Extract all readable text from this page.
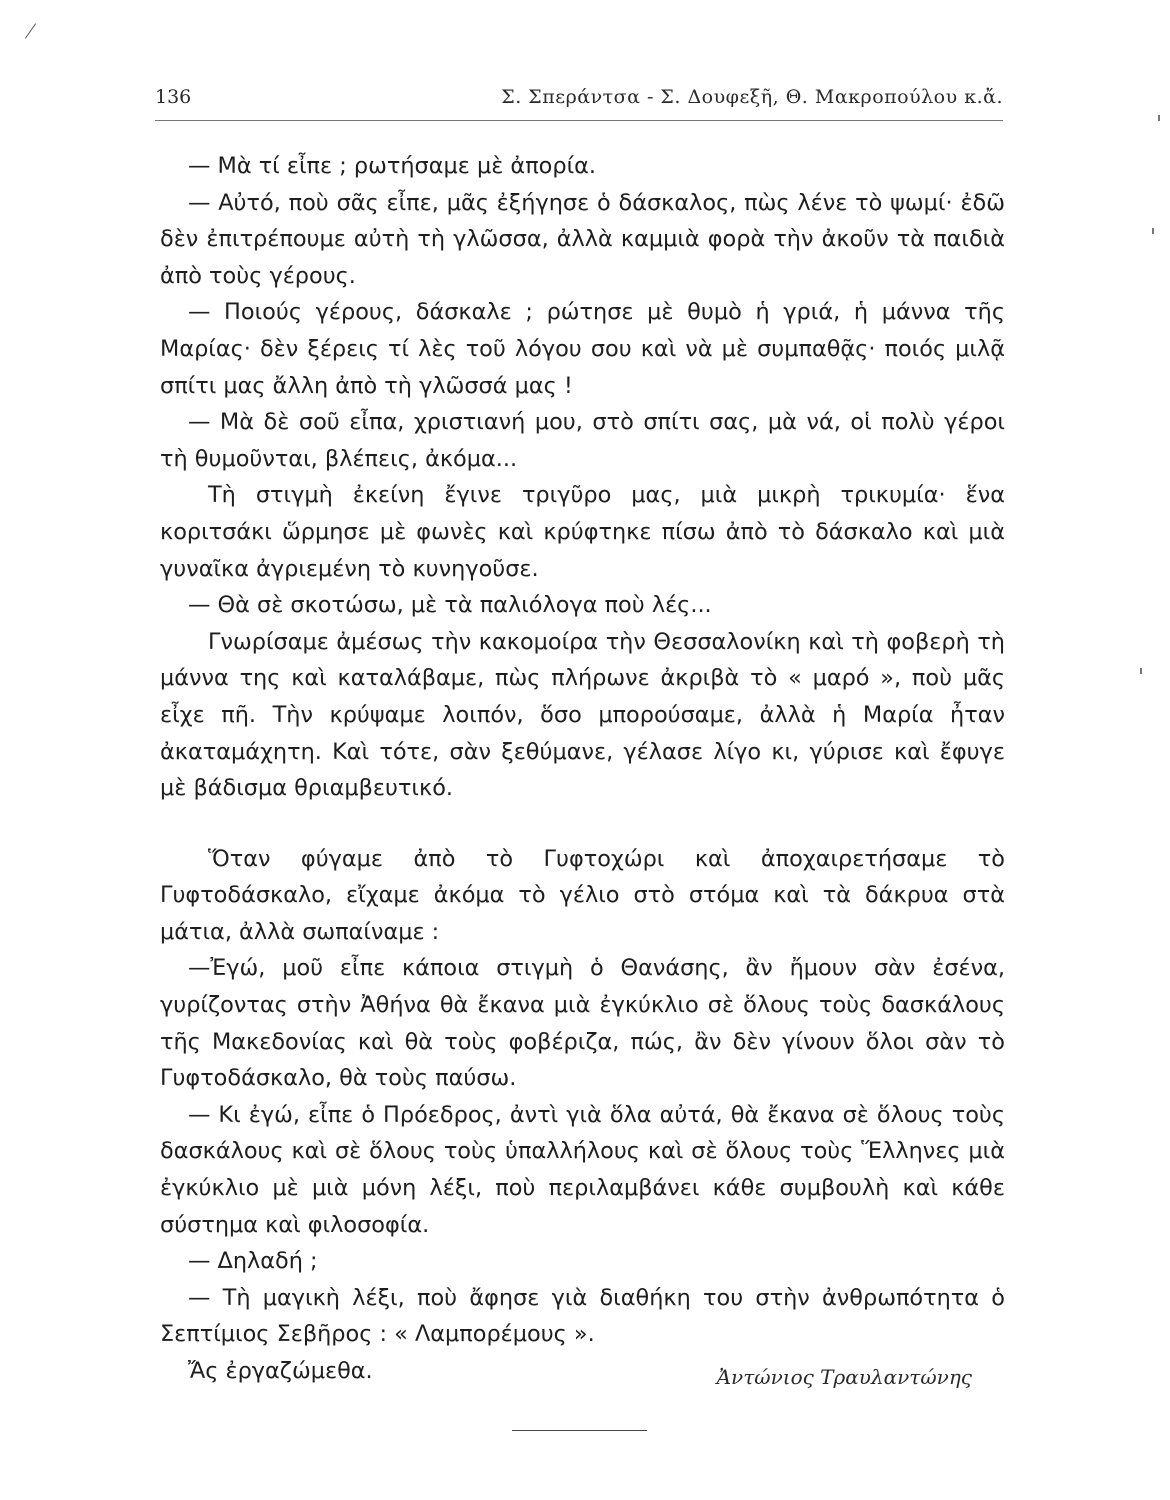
136	Σ. Σπεράντσα - Σ. Δουφεξῆ, Θ. Μακροπούλου κ.ἄ.

— Μὰ τί εἶπε ; ρωτήσαμε μὲ ἀπορία.

— Αὐτό, ποὺ σᾶς εἶπε, μᾶς ἐξήγησε ὁ δάσκαλος, πὼς λένε τὸ ψωμί· ἐδῶ δὲν ἐπιτρέπουμε αὐτὴ τὴ γλῶσσα, ἀλλὰ καμμιὰ φορὰ τὴν ἀκοῦν τὰ παιδιὰ ἀπὸ τοὺς γέρους.

— Ποιούς γέρους, δάσκαλε ; ρώτησε μὲ θυμὸ ἡ γριά, ἡ μάννα τῆς Μαρίας· δὲν ξέρεις τί λὲς τοῦ λόγου σου καὶ νὰ μὲ συμπαθᾷς· ποιός μιλᾷ σπίτι μας ἄλλη ἀπὸ τὴ γλῶσσά μας !

— Μὰ δὲ σοῦ εἶπα, χριστιανή μου, στὸ σπίτι σας, μὰ νά, οἱ πολὺ γέροι τὴ θυμοῦνται, βλέπεις, ἀκόμα...

Τὴ στιγμὴ ἐκείνη ἔγινε τριγῦρο μας, μιὰ μικρὴ τρικυμία· ἕνα κοριτσάκι ὥρμησε μὲ φωνὲς καὶ κρύφτηκε πίσω ἀπὸ τὸ δάσκαλο καὶ μιὰ γυναῖκα ἀγριεμένη τὸ κυνηγοῦσε.

— Θὰ σὲ σκοτώσω, μὲ τὰ παλιόλογα ποὺ λές...

Γνωρίσαμε ἀμέσως τὴν κακομοίρα τὴν Θεσσαλονίκη καὶ τὴ φοβερὴ τὴ μάννα της καὶ καταλάβαμε, πὼς πλήρωνε ἀκριβὰ τὸ « μαρό », ποὺ μᾶς εἶχε πῆ. Τὴν κρύψαμε λοιπόν, ὅσο μπορούσαμε, ἀλλὰ ἡ Μαρία ἦταν ἀκαταμάχητη. Καὶ τότε, σὰν ξεθύμανε, γέλασε λίγο κι, γύρισε καὶ ἔφυγε μὲ βάδισμα θριαμβευτικό.

Ὅταν φύγαμε ἀπὸ τὸ Γυφτοχώρι καὶ ἀποχαιρετήσαμε τὸ Γυφτοδάσκαλο, εἴχαμε ἀκόμα τὸ γέλιο στὸ στόμα καὶ τὰ δάκρυα στὰ μάτια, ἀλλὰ σωπαίναμε :

—Ἐγώ, μοῦ εἶπε κάποια στιγμὴ ὁ Θανάσης, ἂν ἤμουν σὰν ἐσένα, γυρίζοντας στὴν Ἀθήνα θὰ ἔκανα μιὰ ἐγκύκλιο σὲ ὅλους τοὺς δασκάλους τῆς Μακεδονίας καὶ θὰ τοὺς φοβέριζα, πώς, ἂν δὲν γίνουν ὅλοι σὰν τὸ Γυφτοδάσκαλο, θὰ τοὺς παύσω.

— Κι ἐγώ, εἶπε ὁ Πρόεδρος, ἀντὶ γιὰ ὅλα αὐτά, θὰ ἔκανα σὲ ὅλους τοὺς δασκάλους καὶ σὲ ὅλους τοὺς ὑπαλλήλους καὶ σὲ ὅλους τοὺς Ἕλληνες μιὰ ἐγκύκλιο μὲ μιὰ μόνη λέξι, ποὺ περιλαμβάνει κάθε συμβουλὴ καὶ κάθε σύστημα καὶ φιλοσοφία.

— Δηλαδή ;

— Τὴ μαγικὴ λέξι, ποὺ ἄφησε γιὰ διαθήκη του στὴν ἀνθρωπότητα ὁ Σεπτίμιος Σεβῆρος : « Λαμπορέμους ».

Ἄς ἐργαζώμεθα.	Ἀντώνιος Τραυλαντώνης
